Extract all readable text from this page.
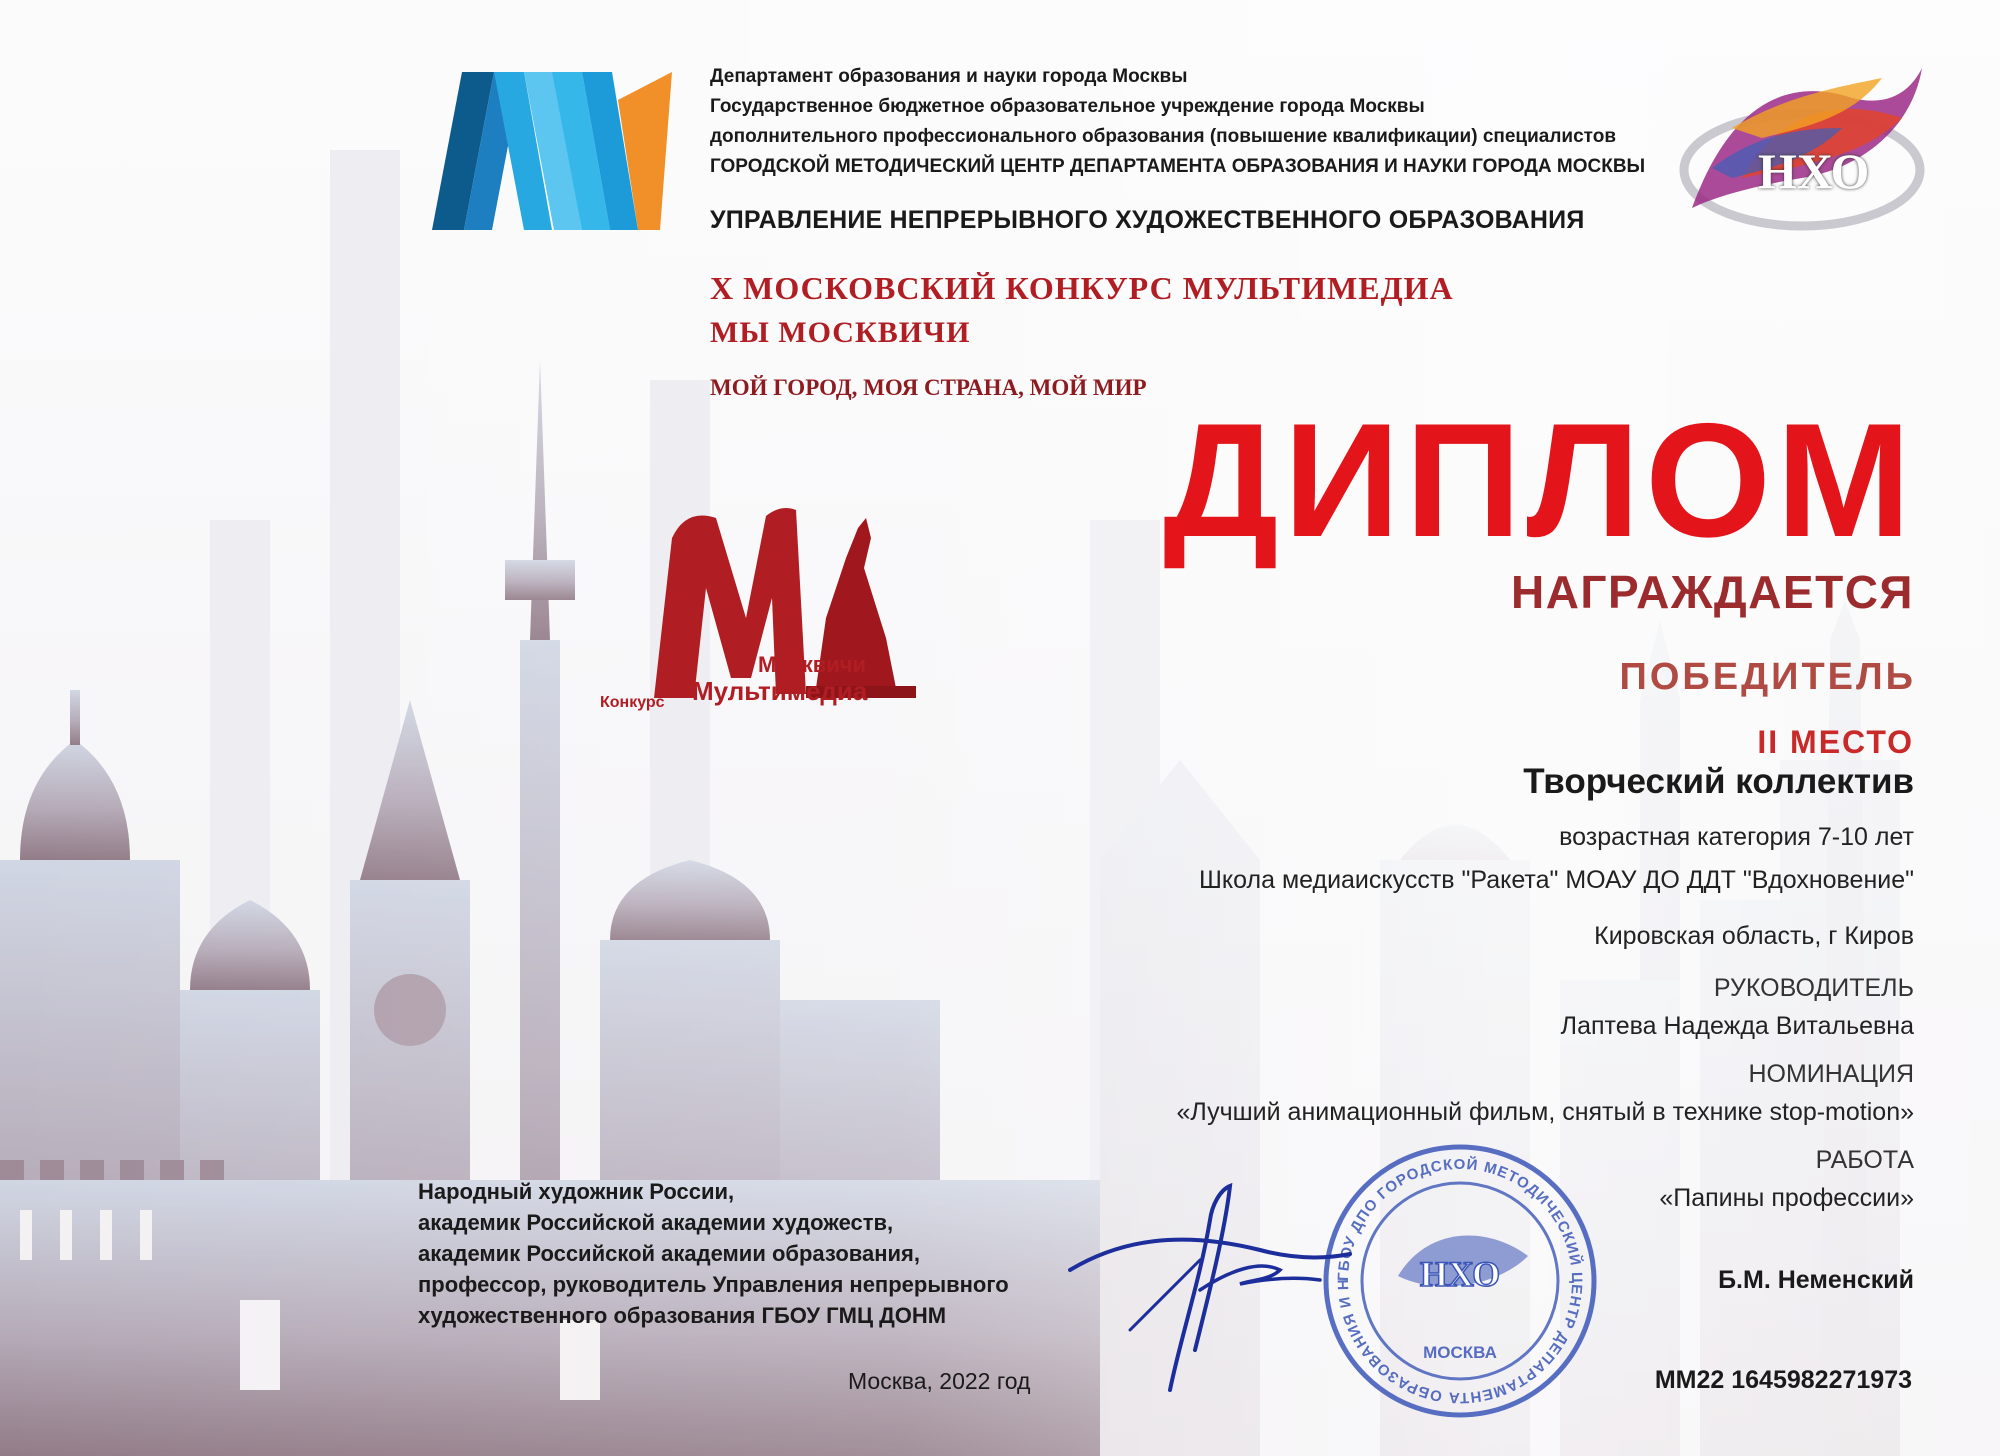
Департамент образования и науки города Москвы

Государственное бюджетное образовательное учреждение города Москвы

дополнительного профессионального образования (повышение квалификации) специалистов

ГОРОДСКОЙ МЕТОДИЧЕСКИЙ ЦЕНТР ДЕПАРТАМЕНТА ОБРАЗОВАНИЯ И НАУКИ ГОРОДА МОСКВЫ

УПРАВЛЕНИЕ НЕПРЕРЫВНОГО ХУДОЖЕСТВЕННОГО ОБРАЗОВАНИЯ

НХО

X МОСКОВСКИЙ КОНКУРС МУЛЬТИМЕДИА

МЫ МОСКВИЧИ

МОЙ ГОРОД, МОЯ СТРАНА, МОЙ МИР

Москвичи
Мультимедиа
Конкурс

ДИПЛОМ

НАГРАЖДАЕТСЯ

ПОБЕДИТЕЛЬ

II МЕСТО

Творческий коллектив

возрастная категория 7-10 лет

Школа медиаискусств "Ракета" МОАУ ДО ДДТ "Вдохновение"

Кировская область, г Киров

РУКОВОДИТЕЛЬ

Лаптева Надежда Витальевна

НОМИНАЦИЯ

«Лучший анимационный фильм, снятый в технике stop-motion»

РАБОТА

«Папины профессии»

Народный художник России,
академик Российской академии художеств,
академик Российской академии образования,
профессор, руководитель Управления непрерывного
художественного образования ГБОУ ГМЦ ДОНМ

Москва, 2022 год

ГБОУ ДПО ГОРОДСКОЙ МЕТОДИЧЕСКИЙ ЦЕНТР ДЕПАРТАМЕНТА ОБРАЗОВАНИЯ И Н	НХО
МОСКВА

Б.М. Неменский

ММ22 1645982271973
